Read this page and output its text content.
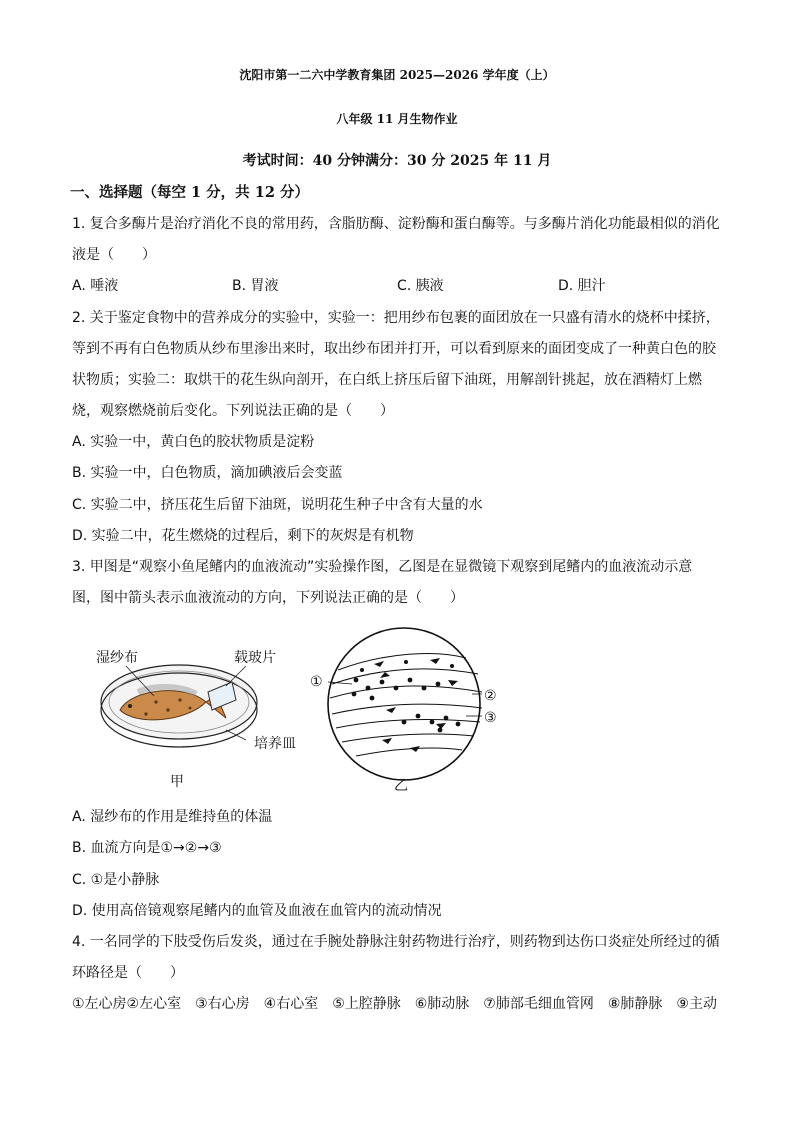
沈阳市第一二六中学教育集团 2025—2026 学年度（上）
八年级 11 月生物作业
考试时间：40 分钟满分：30 分 2025 年 11 月
一、选择题（每空 1 分，共 12 分）
1. 复合多酶片是治疗消化不良的常用药，含脂肪酶、淀粉酶和蛋白酶等。与多酶片消化功能最相似的消化
液是（　　）
A. 唾液	B. 胃液	C. 胰液	D. 胆汁
2. 关于鉴定食物中的营养成分的实验中，实验一：把用纱布包裹的面团放在一只盛有清水的烧杯中揉挤，
等到不再有白色物质从纱布里渗出来时，取出纱布团并打开，可以看到原来的面团变成了一种黄白色的胶
状物质；实验二：取烘干的花生纵向剖开，在白纸上挤压后留下油斑，用解剖针挑起，放在酒精灯上燃
烧，观察燃烧前后变化。下列说法正确的是（　　）
A. 实验一中，黄白色的胶状物质是淀粉
B. 实验一中，白色物质，滴加碘液后会变蓝
C. 实验二中，挤压花生后留下油斑，说明花生种子中含有大量的水
D. 实验二中，花生燃烧的过程后，剩下的灰烬是有机物
3. 甲图是“观察小鱼尾鳍内的血液流动”实验操作图，乙图是在显微镜下观察到尾鳍内的血液流动示意
图，图中箭头表示血液流动的方向，下列说法正确的是（　　）
湿纱布	载玻片
培养皿
甲
①
②
③
乙
A. 湿纱布的作用是维持鱼的体温
B. 血流方向是①→②→③
C. ①是小静脉
D. 使用高倍镜观察尾鳍内的血管及血液在血管内的流动情况
4. 一名同学的下肢受伤后发炎，通过在手腕处静脉注射药物进行治疗，则药物到达伤口炎症处所经过的循
环路径是（　　）
①左心房②左心室　③右心房　④右心室　⑤上腔静脉　⑥肺动脉　⑦肺部毛细血管网　⑧肺静脉　⑨主动
